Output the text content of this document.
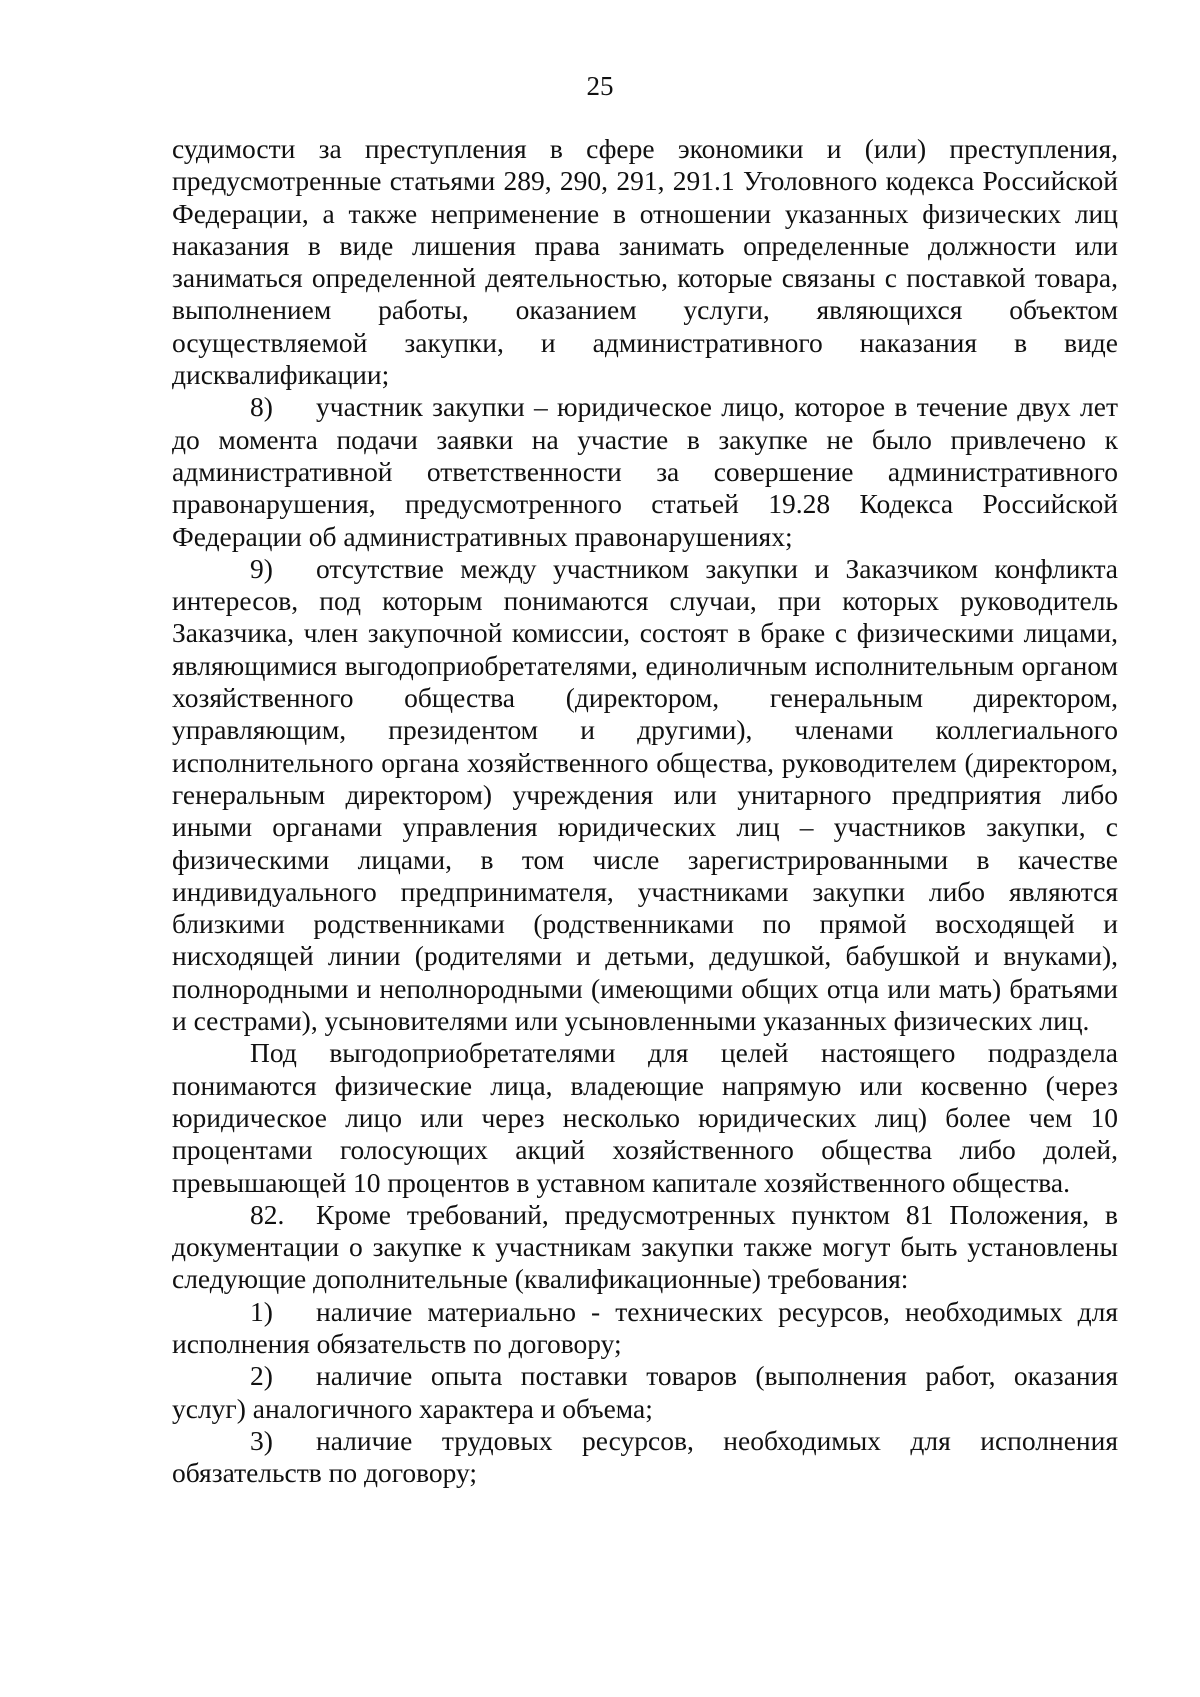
25

судимости за преступления в сфере экономики и (или) преступления, предусмотренные статьями 289, 290, 291, 291.1 Уголовного кодекса Российской Федерации, а также неприменение в отношении указанных физических лиц наказания в виде лишения права занимать определенные должности или заниматься определенной деятельностью, которые связаны с поставкой товара, выполнением работы, оказанием услуги, являющихся объектом осуществляемой закупки, и административного наказания в виде дисквалификации;

8) участник закупки – юридическое лицо, которое в течение двух лет до момента подачи заявки на участие в закупке не было привлечено к административной ответственности за совершение административного правонарушения, предусмотренного статьей 19.28 Кодекса Российской Федерации об административных правонарушениях;

9) отсутствие между участником закупки и Заказчиком конфликта интересов, под которым понимаются случаи, при которых руководитель Заказчика, член закупочной комиссии, состоят в браке с физическими лицами, являющимися выгодоприобретателями, единоличным исполнительным органом хозяйственного общества (директором, генеральным директором, управляющим, президентом и другими), членами коллегиального исполнительного органа хозяйственного общества, руководителем (директором, генеральным директором) учреждения или унитарного предприятия либо иными органами управления юридических лиц – участников закупки, с физическими лицами, в том числе зарегистрированными в качестве индивидуального предпринимателя, участниками закупки либо являются близкими родственниками (родственниками по прямой восходящей и нисходящей линии (родителями и детьми, дедушкой, бабушкой и внуками), полнородными и неполнородными (имеющими общих отца или мать) братьями и сестрами), усыновителями или усыновленными указанных физических лиц.

Под выгодоприобретателями для целей настоящего подраздела понимаются физические лица, владеющие напрямую или косвенно (через юридическое лицо или через несколько юридических лиц) более чем 10 процентами голосующих акций хозяйственного общества либо долей, превышающей 10 процентов в уставном капитале хозяйственного общества.

82. Кроме требований, предусмотренных пунктом 81 Положения, в документации о закупке к участникам закупки также могут быть установлены следующие дополнительные (квалификационные) требования:

1) наличие материально - технических ресурсов, необходимых для исполнения обязательств по договору;

2) наличие опыта поставки товаров (выполнения работ, оказания услуг) аналогичного характера и объема;

3) наличие трудовых ресурсов, необходимых для исполнения обязательств по договору;
